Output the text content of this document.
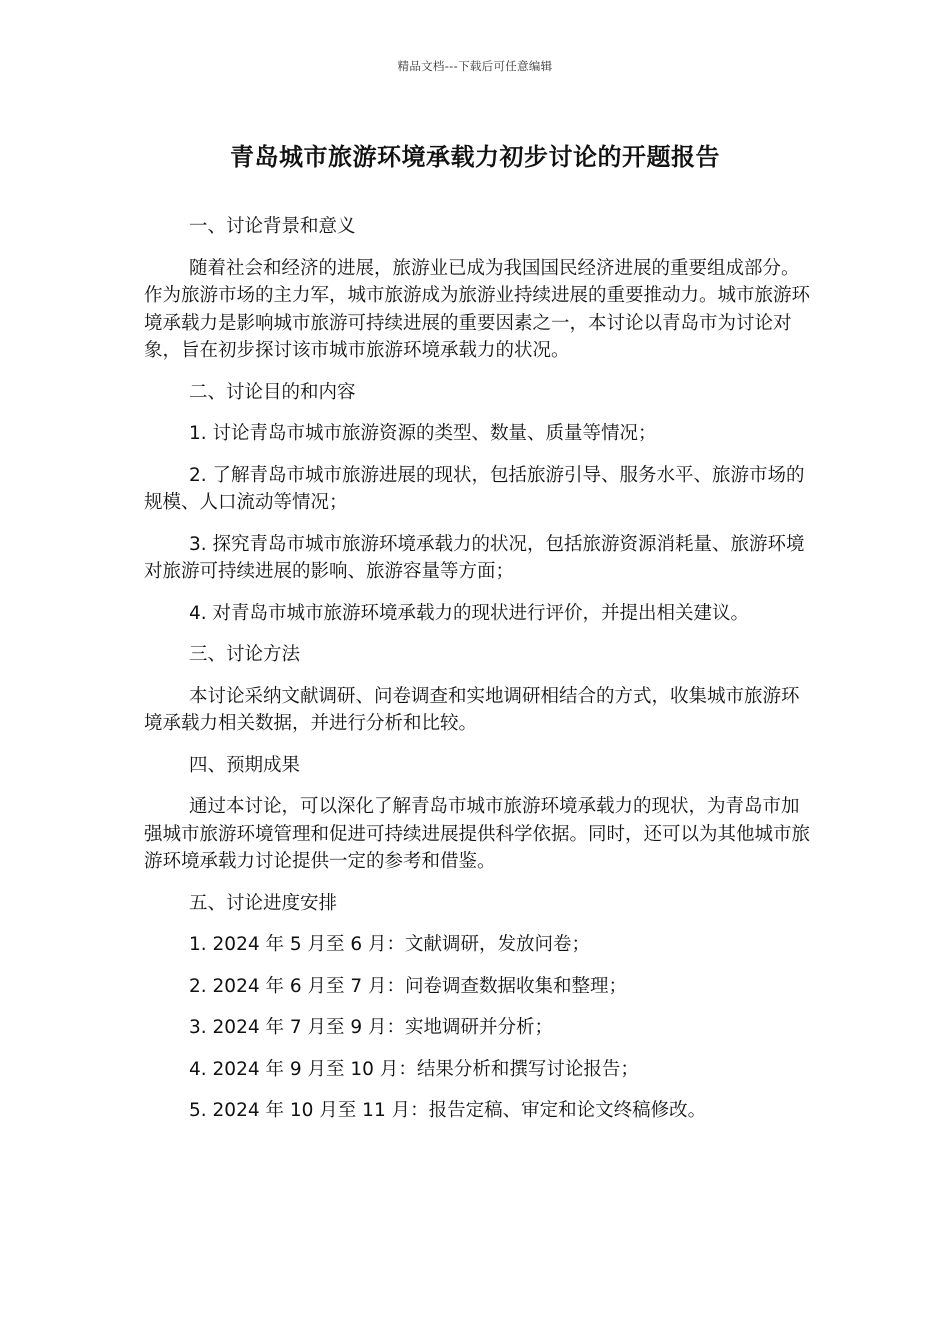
精品文档---下载后可任意编辑
青岛城市旅游环境承载力初步讨论的开题报告

一、讨论背景和意义

随着社会和经济的进展，旅游业已成为我国国民经济进展的重要组成部分。作为旅游市场的主力军，城市旅游成为旅游业持续进展的重要推动力。城市旅游环境承载力是影响城市旅游可持续进展的重要因素之一，本讨论以青岛市为讨论对象，旨在初步探讨该市城市旅游环境承载力的状况。

二、讨论目的和内容

1. 讨论青岛市城市旅游资源的类型、数量、质量等情况；

2. 了解青岛市城市旅游进展的现状，包括旅游引导、服务水平、旅游市场的规模、人口流动等情况；

3. 探究青岛市城市旅游环境承载力的状况，包括旅游资源消耗量、旅游环境对旅游可持续进展的影响、旅游容量等方面；

4. 对青岛市城市旅游环境承载力的现状进行评价，并提出相关建议。

三、讨论方法

本讨论采纳文献调研、问卷调查和实地调研相结合的方式，收集城市旅游环境承载力相关数据，并进行分析和比较。

四、预期成果

通过本讨论，可以深化了解青岛市城市旅游环境承载力的现状，为青岛市加强城市旅游环境管理和促进可持续进展提供科学依据。同时，还可以为其他城市旅游环境承载力讨论提供一定的参考和借鉴。

五、讨论进度安排

1. 2024 年 5 月至 6 月：文献调研，发放问卷；

2. 2024 年 6 月至 7 月：问卷调查数据收集和整理；

3. 2024 年 7 月至 9 月：实地调研并分析；

4. 2024 年 9 月至 10 月：结果分析和撰写讨论报告；

5. 2024 年 10 月至 11 月：报告定稿、审定和论文终稿修改。
